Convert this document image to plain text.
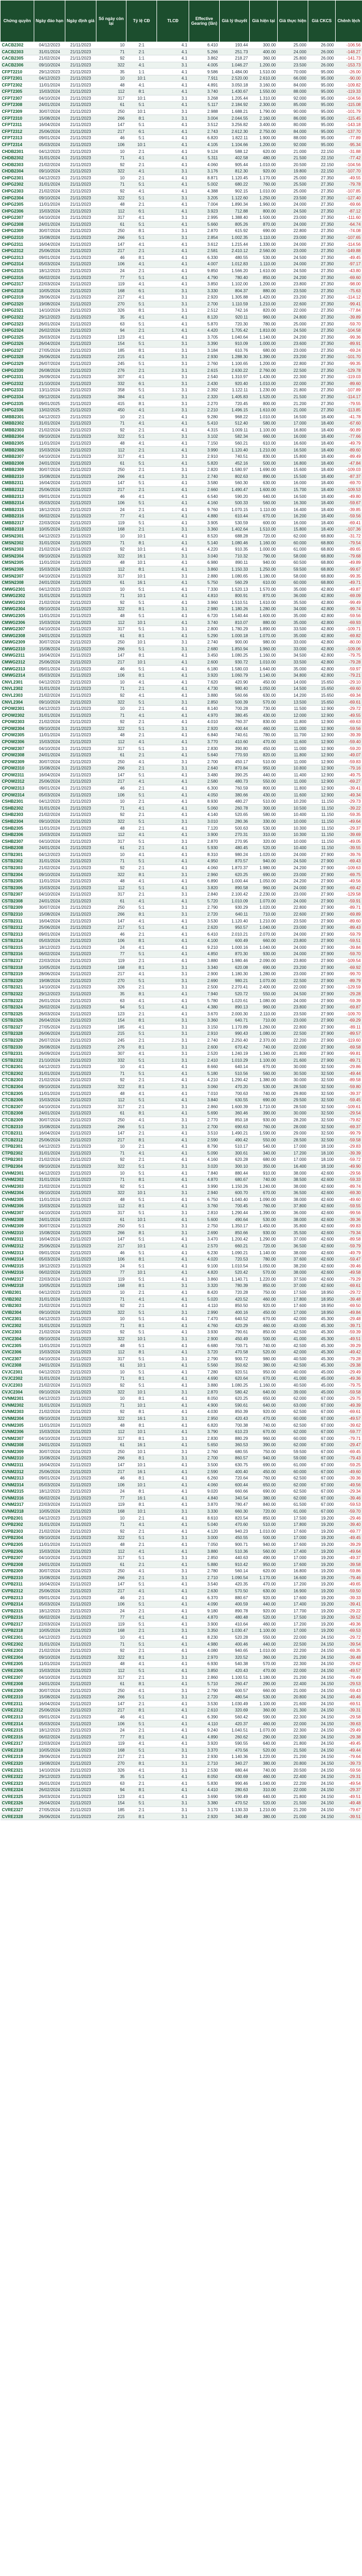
Chứng quyền	Ngày đáo hạn	Ngày định giá	Số ngày còn lại	Tỷ lệ CĐ	TLCĐ	Effective Gearing (lần)	Giá lý thuyết	Giá hiện tại	Giá thực hiện	Giá CKCS	Chênh lệch
CACB2302	04/12/2023	21/11/2023	10	2:1	4.1	6.410	193.44	300.00	25.000	26.000	-106.56
CACB2303	31/01/2024	21/11/2023	71	2:1	4.1	5.266	251.73	400.00	24.000	26.000	-148.27
CACB2305	21/02/2024	21/11/2023	92	1:1	4.1	3.862	218.27	360.00	25.800	26.000	-141.73
CACB2306	09/10/2024	21/11/2023	322	4:1	3.1	4.005	1.046.27	1.200.00	23.500	26.000	-153.73
CFPT2210	29/12/2023	21/11/2023	35	1:1	4.1	9.586	1.484.00	1.510.00	70.000	95.000	-26.00
CFPT2301	04/12/2023	21/11/2023	10	10:1	4.1	7.911	2.520.00	2.610.00	66.000	95.000	-90.00
CFPT2302	11/01/2024	21/11/2023	48	4:1	4.1	4.891	3.050.18	3.160.00	84.000	95.000	-109.82
CFPT2305	15/03/2024	21/11/2023	112	8:1	4.1	3.740	1.430.67	1.550.00	88.000	95.000	-119.33
CFPT2307	04/10/2024	21/11/2023	317	10:1	3.1	3.268	1.205.44	1.310.00	92.000	95.000	-104.56
CFPT2308	24/01/2024	21/11/2023	61	5:1	4.1	5.117	2.184.92	2.300.00	85.000	95.000	-115.08
CFPT2309	30/07/2024	21/11/2023	250	10:1	3.1	2.988	1.688.21	1.790.00	90.000	95.000	-101.79
CFPT2310	15/08/2024	21/11/2023	266	8:1	3.1	3.004	2.044.55	2.160.00	86.000	95.000	-115.45
CFPT2311	16/04/2024	21/11/2023	147	5:1	4.1	3.512	3.256.82	3.400.00	80.000	95.000	-143.18
CFPT2312	25/06/2024	21/11/2023	217	6:1	4.1	2.743	2.612.30	2.750.00	84.000	95.000	-137.70
CFPT2313	09/01/2024	21/11/2023	46	5:1	4.1	6.820	1.822.11	1.900.00	88.000	95.000	-77.89
CFPT2314	05/03/2024	21/11/2023	106	10:1	4.1	4.105	1.104.66	1.200.00	92.000	95.000	-95.34
CHDB2301	04/12/2023	21/11/2023	10	2:1	4.1	9.124	588.12	620.00	21.000	22.150	-31.88
CHDB2302	31/01/2024	21/11/2023	71	4:1	4.1	5.311	402.58	480.00	21.500	22.150	-77.42
CHDB2303	21/02/2024	21/11/2023	92	2:1	4.1	4.060	905.44	1.010.00	20.500	22.150	-104.56
CHDB2304	09/10/2024	21/11/2023	322	4:1	3.1	3.176	812.30	920.00	19.800	22.150	-107.70
CHPG2301	04/12/2023	21/11/2023	10	2:1	4.1	8.871	1.120.45	1.170.00	25.000	27.350	-49.55
CHPG2302	31/01/2024	21/11/2023	71	5:1	4.1	5.002	680.22	760.00	25.500	27.350	-79.78
CHPG2303	21/02/2024	21/11/2023	92	4:1	4.1	4.388	902.15	1.010.00	25.000	27.350	-107.85
CHPG2304	09/10/2024	21/11/2023	322	5:1	3.1	3.205	1.122.60	1.250.00	23.500	27.350	-127.40
CHPG2305	11/01/2024	21/11/2023	48	2:1	4.1	7.004	1.890.34	1.960.00	24.000	27.350	-69.66
CHPG2306	15/03/2024	21/11/2023	112	6:1	4.1	3.923	712.88	800.00	24.500	27.350	-87.12
CHPG2307	04/10/2024	21/11/2023	317	4:1	3.1	2.995	1.388.40	1.500.00	23.000	27.350	-111.60
CHPG2308	24/01/2024	21/11/2023	61	5:1	4.1	5.660	805.26	870.00	24.000	27.350	-64.74
CHPG2309	30/07/2024	21/11/2023	250	8:1	3.1	2.870	615.92	690.00	22.800	27.350	-74.08
CHPG2310	15/08/2024	21/11/2023	266	5:1	3.1	2.854	1.002.35	1.110.00	23.000	27.350	-107.65
CHPG2311	16/04/2024	21/11/2023	147	4:1	4.1	3.612	1.215.44	1.330.00	24.000	27.350	-114.56
CHPG2312	25/06/2024	21/11/2023	217	2:1	4.1	2.581	2.410.12	2.560.00	23.000	27.350	-149.88
CHPG2313	09/01/2024	21/11/2023	46	8:1	4.1	6.330	480.55	530.00	24.500	27.350	-49.45
CHPG2314	05/03/2024	21/11/2023	106	4:1	4.1	4.007	1.012.83	1.110.00	24.000	27.350	-97.17
CHPG2315	18/12/2023	21/11/2023	24	2:1	4.1	9.850	1.566.20	1.610.00	24.500	27.350	-43.80
CHPG2316	06/02/2024	21/11/2023	77	5:1	4.1	4.790	780.40	850.00	24.200	27.350	-69.60
CHPG2317	22/03/2024	21/11/2023	119	4:1	4.1	3.850	1.102.00	1.200.00	23.800	27.350	-98.00
CHPG2318	10/05/2024	21/11/2023	168	6:1	3.1	3.330	804.37	880.00	23.500	27.350	-75.63
CHPG2319	28/06/2024	21/11/2023	217	4:1	3.1	2.920	1.305.88	1.420.00	23.200	27.350	-114.12
CHPG2320	19/08/2024	21/11/2023	270	5:1	3.1	2.700	1.110.59	1.210.00	22.600	27.350	-99.41
CHPG2321	14/10/2024	21/11/2023	326	8:1	3.1	2.512	742.16	820.00	22.000	27.350	-77.84
CHPG2322	29/12/2023	21/11/2023	35	4:1	4.1	8.120	920.11	960.00	24.800	27.350	-39.89
CHPG2323	26/01/2024	21/11/2023	63	5:1	4.1	5.870	720.30	780.00	25.000	27.350	-59.70
CHPG2324	26/02/2024	21/11/2023	94	2:1	4.1	4.420	1.705.42	1.810.00	24.500	27.350	-104.58
CHPG2325	26/03/2024	21/11/2023	123	4:1	4.1	3.705	1.040.64	1.140.00	24.200	27.350	-99.36
CHPG2326	26/04/2024	21/11/2023	154	5:1	3.1	3.390	910.09	1.000.00	23.600	27.350	-89.91
CHPG2327	27/05/2024	21/11/2023	185	8:1	3.1	3.184	610.76	680.00	23.000	27.350	-69.24
CHPG2328	26/06/2024	21/11/2023	215	4:1	3.1	2.930	1.288.30	1.390.00	23.200	27.350	-101.70
CHPG2329	26/07/2024	21/11/2023	245	5:1	3.1	2.760	1.100.65	1.200.00	22.800	27.350	-99.35
CHPG2330	26/08/2024	21/11/2023	276	2:1	3.1	2.615	2.630.22	2.760.00	22.500	27.350	-129.78
CHPG2331	26/09/2024	21/11/2023	307	4:1	3.1	2.540	1.310.97	1.430.00	22.300	27.350	-119.03
CHPG2332	21/10/2024	21/11/2023	332	6:1	3.1	2.430	920.40	1.010.00	22.000	27.350	-89.60
CHPG2333	13/11/2024	21/11/2023	358	5:1	3.1	2.392	1.122.11	1.230.00	21.800	27.350	-107.89
CHPG2334	09/12/2024	21/11/2023	384	4:1	3.1	2.320	1.405.83	1.520.00	21.500	27.350	-114.17
CHPG2335	09/01/2025	21/11/2023	415	8:1	3.1	2.270	720.45	800.00	21.200	27.350	-79.55
CHPG2336	13/02/2025	21/11/2023	450	4:1	3.1	2.210	1.496.15	1.610.00	21.000	27.350	-113.85
CMBB2301	04/12/2023	21/11/2023	10	2:1	4.1	9.280	968.22	1.010.00	16.500	18.400	-41.78
CMBB2302	31/01/2024	21/11/2023	71	4:1	4.1	5.410	512.40	580.00	17.000	18.400	-67.60
CMBB2303	21/02/2024	21/11/2023	92	2:1	4.1	4.315	1.009.11	1.100.00	16.800	18.400	-90.89
CMBB2304	09/10/2024	21/11/2023	322	5:1	3.1	3.102	582.34	660.00	16.000	18.400	-77.66
CMBB2305	11/01/2024	21/11/2023	48	4:1	4.1	7.150	560.21	610.00	16.600	18.400	-49.79
CMBB2306	15/03/2024	21/11/2023	112	2:1	4.1	3.990	1.120.40	1.210.00	16.500	18.400	-89.60
CMBB2307	04/10/2024	21/11/2023	317	4:1	3.1	2.910	740.51	830.00	15.800	18.400	-89.49
CMBB2308	24/01/2024	21/11/2023	61	5:1	4.1	5.820	452.16	500.00	16.800	18.400	-47.84
CMBB2309	30/07/2024	21/11/2023	250	2:1	3.1	2.820	1.580.97	1.690.00	15.600	18.400	-109.03
CMBB2310	15/08/2024	21/11/2023	266	4:1	3.1	2.740	802.63	890.00	15.500	18.400	-87.37
CMBB2311	16/04/2024	21/11/2023	147	5:1	4.1	3.580	560.30	630.00	16.000	18.400	-69.70
CMBB2312	25/06/2024	21/11/2023	217	2:1	4.1	2.660	1.490.47	1.600.00	15.700	18.400	-109.53
CMBB2313	09/01/2024	21/11/2023	46	4:1	4.1	6.540	590.20	640.00	16.500	18.400	-49.80
CMBB2314	05/03/2024	21/11/2023	106	5:1	4.1	4.160	500.33	560.00	16.300	18.400	-59.67
CMBB2315	18/12/2023	21/11/2023	24	2:1	4.1	9.760	1.070.15	1.110.00	16.400	18.400	-39.85
CMBB2316	06/02/2024	21/11/2023	77	4:1	4.1	4.880	610.44	670.00	16.200	18.400	-59.56
CMBB2317	22/03/2024	21/11/2023	119	5:1	4.1	3.905	530.59	600.00	16.000	18.400	-69.41
CMBB2318	10/05/2024	21/11/2023	168	2:1	3.1	3.360	1.402.64	1.510.00	15.800	18.400	-107.36
CMSN2301	04/12/2023	21/11/2023	10	10:1	4.1	8.520	688.28	720.00	62.000	68.800	-31.72
CMSN2302	31/01/2024	21/11/2023	71	8:1	4.1	5.140	1.080.46	1.160.00	60.000	68.800	-79.54
CMSN2303	21/02/2024	21/11/2023	92	10:1	4.1	4.220	910.35	1.000.00	61.000	68.800	-89.65
CMSN2304	09/10/2024	21/11/2023	322	16:1	3.1	3.040	710.32	790.00	58.000	68.800	-79.68
CMSN2305	11/01/2024	21/11/2023	48	10:1	4.1	6.980	890.11	940.00	60.500	68.800	-49.89
CMSN2306	15/03/2024	21/11/2023	112	8:1	4.1	3.860	1.150.33	1.250.00	59.500	68.800	-99.67
CMSN2307	04/10/2024	21/11/2023	317	10:1	3.1	2.880	1.080.65	1.180.00	58.000	68.800	-99.35
CMSN2308	24/01/2024	21/11/2023	61	16:1	4.1	5.750	560.29	610.00	60.000	68.800	-49.71
CMWG2301	04/12/2023	21/11/2023	10	5:1	4.1	7.330	1.520.13	1.570.00	35.000	42.800	-49.87
CMWG2302	31/01/2024	21/11/2023	71	10:1	4.1	4.810	800.91	870.00	36.000	42.800	-69.09
CMWG2303	21/02/2024	21/11/2023	92	5:1	4.1	3.960	1.510.51	1.610.00	35.500	42.800	-99.49
CMWG2304	09/10/2024	21/11/2023	322	8:1	3.1	2.980	1.180.26	1.280.00	34.000	42.800	-99.74
CMWG2305	11/01/2024	21/11/2023	48	5:1	4.1	6.720	1.540.44	1.600.00	35.000	42.800	-59.56
CMWG2306	15/03/2024	21/11/2023	112	10:1	4.1	3.740	810.07	880.00	35.000	42.800	-69.93
CMWG2307	04/10/2024	21/11/2023	317	5:1	3.1	2.800	1.780.29	1.890.00	33.500	42.800	-109.71
CMWG2308	24/01/2024	21/11/2023	61	8:1	4.1	5.290	1.000.18	1.070.00	35.000	42.800	-69.82
CMWG2309	30/07/2024	21/11/2023	250	10:1	3.1	2.740	900.00	980.00	33.000	42.800	-80.00
CMWG2310	15/08/2024	21/11/2023	266	5:1	3.1	2.680	1.850.94	1.960.00	33.000	42.800	-109.06
CMWG2311	16/04/2024	21/11/2023	147	8:1	4.1	3.450	1.080.25	1.160.00	34.500	42.800	-79.75
CMWG2312	25/06/2024	21/11/2023	217	10:1	4.1	2.600	930.72	1.010.00	33.500	42.800	-79.28
CMWG2313	09/01/2024	21/11/2023	46	5:1	4.1	6.180	1.580.03	1.640.00	35.000	42.800	-59.97
CMWG2314	05/03/2024	21/11/2023	106	8:1	4.1	3.920	1.060.79	1.140.00	34.800	42.800	-79.21
CNVL2301	04/12/2023	21/11/2023	10	4:1	4.1	7.620	420.90	450.00	14.000	15.650	-29.10
CNVL2302	31/01/2024	21/11/2023	71	2:1	4.1	4.730	980.40	1.050.00	14.500	15.650	-69.60
CNVL2303	21/02/2024	21/11/2023	92	4:1	4.1	3.880	560.66	630.00	14.200	15.650	-69.34
CNVL2304	09/10/2024	21/11/2023	322	5:1	3.1	2.850	500.39	570.00	13.500	15.650	-69.61
CPOW2301	04/12/2023	21/11/2023	10	2:1	4.1	8.140	700.28	730.00	11.500	12.900	-29.72
CPOW2302	31/01/2024	21/11/2023	71	4:1	4.1	4.970	380.45	430.00	12.000	12.900	-49.55
CPOW2303	21/02/2024	21/11/2023	92	2:1	4.1	4.010	760.37	830.00	11.800	12.900	-69.63
CPOW2304	09/10/2024	21/11/2023	322	5:1	3.1	2.920	400.44	460.00	11.000	12.900	-59.56
CPOW2305	11/01/2024	21/11/2023	48	2:1	4.1	6.840	740.61	780.00	11.700	12.900	-39.39
CPOW2306	15/03/2024	21/11/2023	112	4:1	4.1	3.770	410.60	470.00	11.600	12.900	-59.40
CPOW2307	04/10/2024	21/11/2023	317	5:1	3.1	2.830	390.80	450.00	11.000	12.900	-59.20
CPOW2308	24/01/2024	21/11/2023	61	2:1	4.1	5.640	770.93	820.00	11.800	12.900	-49.07
CPOW2309	30/07/2024	21/11/2023	250	4:1	3.1	2.700	450.17	510.00	11.000	12.900	-59.83
CPOW2310	15/08/2024	21/11/2023	266	2:1	3.1	2.640	870.84	950.00	10.800	12.900	-79.16
CPOW2311	16/04/2024	21/11/2023	147	5:1	4.1	3.480	390.25	440.00	11.400	12.900	-49.75
CPOW2312	25/06/2024	21/11/2023	217	4:1	4.1	2.580	480.73	550.00	11.000	12.900	-69.27
CPOW2313	09/01/2024	21/11/2023	46	2:1	4.1	6.300	760.59	800.00	11.800	12.900	-39.41
CPOW2314	05/03/2024	21/11/2023	106	5:1	4.1	4.050	380.66	430.00	11.600	12.900	-49.34
CSHB2301	04/12/2023	21/11/2023	10	2:1	4.1	8.930	480.27	510.00	10.200	11.150	-29.73
CSHB2302	31/01/2024	21/11/2023	71	4:1	4.1	5.060	260.78	300.00	10.500	11.150	-39.22
CSHB2303	21/02/2024	21/11/2023	92	2:1	4.1	4.140	520.65	580.00	10.400	11.150	-59.35
CSHB2304	09/10/2024	21/11/2023	322	5:1	3.1	3.010	280.36	330.00	10.000	11.150	-49.64
CSHB2305	11/01/2024	21/11/2023	48	2:1	4.1	7.120	500.63	530.00	10.300	11.150	-29.37
CSHB2306	15/03/2024	21/11/2023	112	4:1	4.1	3.900	270.31	310.00	10.300	11.150	-39.69
CSHB2307	04/10/2024	21/11/2023	317	5:1	3.1	2.870	270.95	320.00	10.000	11.150	-49.05
CSHB2308	24/01/2024	21/11/2023	61	2:1	4.1	5.930	480.45	520.00	10.400	11.150	-39.55
CSTB2301	04/12/2023	21/11/2023	10	4:1	4.1	8.310	980.24	1.020.00	24.000	27.900	-39.76
CSTB2302	31/01/2024	21/11/2023	71	5:1	4.1	4.950	870.57	940.00	24.500	27.900	-69.43
CSTB2303	21/02/2024	21/11/2023	92	2:1	4.1	4.060	1.870.37	1.980.00	24.200	27.900	-109.63
CSTB2304	09/10/2024	21/11/2023	322	8:1	3.1	2.960	620.25	690.00	23.000	27.900	-69.75
CSTB2305	11/01/2024	21/11/2023	48	4:1	4.1	6.890	1.000.44	1.050.00	24.200	27.900	-49.56
CSTB2306	15/03/2024	21/11/2023	112	5:1	4.1	3.820	890.58	960.00	24.000	27.900	-69.42
CSTB2307	04/10/2024	21/11/2023	317	2:1	3.1	2.840	2.100.42	2.230.00	23.000	27.900	-129.58
CSTB2308	24/01/2024	21/11/2023	61	4:1	4.1	5.720	1.010.09	1.070.00	24.000	27.900	-59.91
CSTB2309	30/07/2024	21/11/2023	250	5:1	3.1	2.790	930.29	1.020.00	22.800	27.900	-89.71
CSTB2310	15/08/2024	21/11/2023	266	8:1	3.1	2.720	640.11	710.00	22.600	27.900	-69.89
CSTB2311	16/04/2024	21/11/2023	147	4:1	4.1	3.530	1.120.40	1.210.00	23.500	27.900	-89.60
CSTB2312	25/06/2024	21/11/2023	217	5:1	4.1	2.620	950.57	1.040.00	23.000	27.900	-89.43
CSTB2313	09/01/2024	21/11/2023	46	2:1	4.1	6.410	2.010.21	2.070.00	24.000	27.900	-59.79
CSTB2314	05/03/2024	21/11/2023	106	8:1	4.1	4.100	600.49	660.00	23.800	27.900	-59.51
CSTB2315	18/12/2023	21/11/2023	24	4:1	4.1	9.210	1.000.16	1.040.00	24.000	27.900	-39.84
CSTB2316	06/02/2024	21/11/2023	77	5:1	4.1	4.850	870.30	930.00	24.000	27.900	-59.70
CSTB2317	22/03/2024	21/11/2023	119	2:1	4.1	3.880	1.980.46	2.090.00	23.800	27.900	-109.54
CSTB2318	10/05/2024	21/11/2023	168	8:1	3.1	3.340	620.08	690.00	23.200	27.900	-69.92
CSTB2319	28/06/2024	21/11/2023	217	4:1	3.1	2.900	1.180.30	1.280.00	23.000	27.900	-99.70
CSTB2320	19/08/2024	21/11/2023	270	5:1	3.1	2.690	980.21	1.070.00	22.500	27.900	-89.79
CSTB2321	14/10/2024	21/11/2023	326	2:1	3.1	2.500	2.270.41	2.400.00	22.000	27.900	-129.59
CSTB2322	29/12/2023	21/11/2023	35	8:1	4.1	7.940	520.72	550.00	24.500	27.900	-29.28
CSTB2323	26/01/2024	21/11/2023	63	4:1	4.1	5.780	1.020.61	1.080.00	24.000	27.900	-59.39
CSTB2324	26/02/2024	21/11/2023	94	5:1	4.1	4.380	890.13	960.00	23.800	27.900	-69.87
CSTB2325	26/03/2024	21/11/2023	123	2:1	4.1	3.670	2.000.30	2.110.00	23.500	27.900	-109.70
CSTB2326	26/04/2024	21/11/2023	154	8:1	3.1	3.360	640.71	710.00	23.000	27.900	-69.29
CSTB2327	27/05/2024	21/11/2023	185	4:1	3.1	3.150	1.170.89	1.260.00	22.800	27.900	-89.11
CSTB2328	26/06/2024	21/11/2023	215	5:1	3.1	2.910	990.43	1.080.00	22.500	27.900	-89.57
CSTB2329	26/07/2024	21/11/2023	245	2:1	3.1	2.740	2.250.40	2.370.00	22.200	27.900	-119.60
CSTB2330	26/08/2024	21/11/2023	276	8:1	3.1	2.600	670.42	740.00	22.000	27.900	-69.58
CSTB2331	26/09/2024	21/11/2023	307	4:1	3.1	2.520	1.240.19	1.340.00	21.800	27.900	-99.81
CSTB2332	21/10/2024	21/11/2023	332	5:1	3.1	2.410	1.010.29	1.100.00	21.600	27.900	-89.71
CTCB2301	04/12/2023	21/11/2023	10	4:1	4.1	8.660	640.14	670.00	30.000	32.500	-29.86
CTCB2302	31/01/2024	21/11/2023	71	5:1	4.1	5.180	510.56	560.00	30.500	32.500	-49.44
CTCB2303	21/02/2024	21/11/2023	92	2:1	4.1	4.210	1.290.42	1.380.00	30.000	32.500	-89.58
CTCB2304	09/10/2024	21/11/2023	322	8:1	3.1	3.060	470.20	530.00	28.500	32.500	-59.80
CTCB2305	11/01/2024	21/11/2023	48	4:1	4.1	7.010	700.63	740.00	29.800	32.500	-39.37
CTCB2306	15/03/2024	21/11/2023	112	5:1	4.1	3.840	630.55	690.00	29.500	32.500	-59.45
CTCB2307	04/10/2024	21/11/2023	317	2:1	3.1	2.860	1.600.39	1.710.00	28.500	32.500	-109.61
CTCB2308	24/01/2024	21/11/2023	61	8:1	4.1	5.690	360.46	390.00	30.000	32.500	-29.54
CTCB2309	30/07/2024	21/11/2023	250	4:1	3.1	2.770	850.18	930.00	28.200	32.500	-79.82
CTCB2310	15/08/2024	21/11/2023	266	5:1	3.1	2.700	690.63	760.00	28.000	32.500	-69.37
CTCB2311	16/04/2024	21/11/2023	147	2:1	4.1	3.510	1.490.21	1.590.00	29.000	32.500	-99.79
CTCB2312	25/06/2024	21/11/2023	217	8:1	4.1	2.590	490.42	550.00	28.500	32.500	-59.58
CTPB2301	04/12/2023	21/11/2023	10	2:1	4.1	8.790	510.17	540.00	17.000	18.100	-29.83
CTPB2302	31/01/2024	21/11/2023	71	4:1	4.1	5.090	300.61	340.00	17.200	18.100	-39.39
CTPB2303	21/02/2024	21/11/2023	92	2:1	4.1	4.160	620.28	680.00	17.000	18.100	-59.72
CTPB2304	09/10/2024	21/11/2023	322	5:1	3.1	3.020	300.10	350.00	16.400	18.100	-49.90
CVHM2301	04/12/2023	21/11/2023	10	5:1	4.1	7.840	880.44	910.00	38.000	42.600	-29.56
CVHM2302	31/01/2024	21/11/2023	71	8:1	4.1	4.870	680.67	740.00	38.500	42.600	-59.33
CVHM2303	21/02/2024	21/11/2023	92	5:1	4.1	3.990	1.150.26	1.240.00	38.000	42.600	-89.74
CVHM2304	09/10/2024	21/11/2023	322	10:1	3.1	2.940	600.70	670.00	36.500	42.600	-69.30
CVHM2305	11/01/2024	21/11/2023	48	5:1	4.1	6.750	1.040.40	1.090.00	38.000	42.600	-49.60
CVHM2306	15/03/2024	21/11/2023	112	8:1	4.1	3.760	700.45	760.00	37.800	42.600	-59.55
CVHM2307	04/10/2024	21/11/2023	317	5:1	3.1	2.810	1.290.44	1.390.00	36.000	42.600	-99.56
CVHM2308	24/01/2024	21/11/2023	61	10:1	4.1	5.600	490.64	530.00	38.000	42.600	-39.36
CVHM2309	30/07/2024	21/11/2023	250	5:1	3.1	2.750	1.350.17	1.450.00	35.800	42.600	-99.83
CVHM2310	15/08/2024	21/11/2023	266	8:1	3.1	2.690	850.66	930.00	35.500	42.600	-79.34
CVHM2311	16/04/2024	21/11/2023	147	5:1	4.1	3.470	1.200.42	1.290.00	37.000	42.600	-89.58
CVHM2312	25/06/2024	21/11/2023	217	10:1	4.1	2.570	660.21	720.00	36.500	42.600	-59.79
CVHM2313	09/01/2024	21/11/2023	46	5:1	4.1	6.230	1.090.21	1.140.00	38.000	42.600	-49.79
CVHM2314	05/03/2024	21/11/2023	106	8:1	4.1	4.020	720.53	780.00	37.600	42.600	-59.47
CVHM2315	18/12/2023	21/11/2023	24	5:1	4.1	9.100	1.010.54	1.050.00	38.200	42.600	-39.46
CVHM2316	06/02/2024	21/11/2023	77	10:1	4.1	4.820	520.42	570.00	38.000	42.600	-49.58
CVHM2317	22/03/2024	21/11/2023	119	5:1	4.1	3.860	1.140.71	1.220.00	37.500	42.600	-79.29
CVHM2318	10/05/2024	21/11/2023	168	8:1	3.1	3.320	780.39	850.00	37.000	42.600	-69.61
CVIB2301	04/12/2023	21/11/2023	10	2:1	4.1	8.420	720.28	750.00	17.500	18.950	-29.72
CVIB2302	31/01/2024	21/11/2023	71	4:1	4.1	5.020	420.52	460.00	17.800	18.950	-39.48
CVIB2303	21/02/2024	21/11/2023	92	2:1	4.1	4.110	850.50	920.00	17.600	18.950	-69.50
CVIB2304	09/10/2024	21/11/2023	322	5:1	3.1	2.990	400.16	450.00	17.000	18.950	-49.84
CVIC2301	04/12/2023	21/11/2023	10	5:1	4.1	7.470	640.52	670.00	42.000	45.300	-29.48
CVIC2302	31/01/2024	21/11/2023	71	8:1	4.1	4.760	420.29	460.00	43.000	45.300	-39.71
CVIC2303	21/02/2024	21/11/2023	92	5:1	4.1	3.930	790.61	850.00	42.500	45.300	-59.39
CVIC2304	09/10/2024	21/11/2023	322	10:1	3.1	2.900	450.49	500.00	41.000	45.300	-49.51
CVIC2305	11/01/2024	21/11/2023	48	5:1	4.1	6.680	700.71	740.00	42.500	45.300	-39.29
CVIC2306	15/03/2024	21/11/2023	112	8:1	4.1	3.720	470.58	520.00	42.000	45.300	-49.42
CVIC2307	04/10/2024	21/11/2023	317	5:1	3.1	2.790	900.72	980.00	40.500	45.300	-79.28
CVIC2308	24/01/2024	21/11/2023	61	10:1	4.1	5.560	350.62	380.00	42.500	45.300	-29.38
CVJC2301	04/12/2023	21/11/2023	10	5:1	4.1	7.280	920.51	950.00	40.000	45.000	-29.49
CVJC2302	31/01/2024	21/11/2023	71	8:1	4.1	4.690	620.64	670.00	41.000	45.000	-49.36
CVJC2303	21/02/2024	21/11/2023	92	5:1	4.1	3.880	1.080.25	1.160.00	40.500	45.000	-79.75
CVJC2304	09/10/2024	21/11/2023	322	10:1	3.1	2.870	580.42	640.00	39.000	45.000	-59.58
CVNM2301	04/12/2023	21/11/2023	10	8:1	4.1	8.050	620.25	650.00	62.000	67.000	-29.75
CVNM2302	31/01/2024	21/11/2023	71	10:1	4.1	4.900	590.61	640.00	63.000	67.000	-49.39
CVNM2303	21/02/2024	21/11/2023	92	8:1	4.1	4.030	850.39	920.00	62.500	67.000	-69.61
CVNM2304	09/10/2024	21/11/2023	322	16:1	3.1	2.950	420.43	470.00	60.000	67.000	-49.57
CVNM2305	11/01/2024	21/11/2023	48	8:1	4.1	6.820	700.38	740.00	62.500	67.000	-39.62
CVNM2306	15/03/2024	21/11/2023	112	10:1	4.1	3.790	610.23	670.00	62.000	67.000	-59.77
CVNM2307	04/10/2024	21/11/2023	317	8:1	3.1	2.830	880.29	960.00	60.000	67.000	-79.71
CVNM2308	24/01/2024	21/11/2023	61	16:1	4.1	5.650	360.53	390.00	62.000	67.000	-29.47
CVNM2309	30/07/2024	21/11/2023	250	10:1	3.1	2.760	680.55	750.00	59.500	67.000	-69.45
CVNM2310	15/08/2024	21/11/2023	266	8:1	3.1	2.700	860.57	940.00	59.000	67.000	-79.43
CVNM2311	16/04/2024	21/11/2023	147	10:1	4.1	3.500	630.75	690.00	61.000	67.000	-59.25
CVNM2312	25/06/2024	21/11/2023	217	16:1	4.1	2.590	400.40	450.00	60.000	67.000	-49.60
CVNM2313	09/01/2024	21/11/2023	46	8:1	4.1	6.260	720.64	760.00	62.500	67.000	-39.36
CVNM2314	05/03/2024	21/11/2023	106	10:1	4.1	4.060	600.44	650.00	62.000	67.000	-49.56
CVNM2315	18/12/2023	21/11/2023	24	8:1	4.1	9.020	660.66	690.00	62.500	67.000	-29.34
CVNM2316	06/02/2024	21/11/2023	77	16:1	4.1	4.840	340.54	380.00	62.000	67.000	-39.46
CVNM2317	22/03/2024	21/11/2023	119	8:1	4.1	3.870	780.47	840.00	61.500	67.000	-59.53
CVNM2318	10/05/2024	21/11/2023	168	10:1	3.1	3.330	660.30	720.00	61.000	67.000	-59.70
CVPB2301	04/12/2023	21/11/2023	10	2:1	4.1	8.610	820.54	850.00	17.500	19.200	-29.46
CVPB2302	31/01/2024	21/11/2023	71	4:1	4.1	5.040	470.60	510.00	17.800	19.200	-39.40
CVPB2303	21/02/2024	21/11/2023	92	2:1	4.1	4.120	940.23	1.010.00	17.600	19.200	-69.77
CVPB2304	09/10/2024	21/11/2023	322	5:1	3.1	3.000	450.55	500.00	17.000	19.200	-49.45
CVPB2305	11/01/2024	21/11/2023	48	2:1	4.1	7.050	900.71	940.00	17.600	19.200	-39.29
CVPB2306	15/03/2024	21/11/2023	112	4:1	4.1	3.880	510.36	560.00	17.400	19.200	-49.64
CVPB2307	04/10/2024	21/11/2023	317	5:1	3.1	2.850	440.63	490.00	17.000	19.200	-49.37
CVPB2308	24/01/2024	21/11/2023	61	2:1	4.1	5.880	910.42	950.00	17.600	19.200	-39.58
CVPB2309	30/07/2024	21/11/2023	250	4:1	3.1	2.780	560.14	620.00	16.800	19.200	-59.86
CVPB2310	15/08/2024	21/11/2023	266	2:1	3.1	2.710	1.090.54	1.170.00	16.600	19.200	-79.46
CVPB2311	16/04/2024	21/11/2023	147	5:1	4.1	3.540	420.35	470.00	17.200	19.200	-49.65
CVPB2312	25/06/2024	21/11/2023	217	4:1	4.1	2.630	570.50	630.00	16.900	19.200	-59.50
CVPB2313	09/01/2024	21/11/2023	46	2:1	4.1	6.370	880.67	920.00	17.600	19.200	-39.33
CVPB2314	05/03/2024	21/11/2023	106	5:1	4.1	4.090	400.59	440.00	17.400	19.200	-39.41
CVPB2315	18/12/2023	21/11/2023	24	2:1	4.1	9.180	890.78	920.00	17.700	19.200	-29.22
CVPB2316	06/02/2024	21/11/2023	77	4:1	4.1	4.870	480.48	520.00	17.500	19.200	-39.52
CVPB2317	22/03/2024	21/11/2023	119	5:1	4.1	3.900	410.64	460.00	17.200	19.200	-49.36
CVPB2318	10/05/2024	21/11/2023	168	2:1	3.1	3.350	1.030.47	1.100.00	17.000	19.200	-69.53
CVRE2301	04/12/2023	21/11/2023	10	4:1	4.1	8.230	520.28	550.00	22.000	24.150	-29.72
CVRE2302	31/01/2024	21/11/2023	71	5:1	4.1	4.980	400.46	440.00	22.500	24.150	-39.54
CVRE2303	21/02/2024	21/11/2023	92	2:1	4.1	4.080	940.65	1.010.00	22.200	24.150	-69.35
CVRE2304	09/10/2024	21/11/2023	322	8:1	3.1	2.970	320.52	360.00	21.200	24.150	-39.48
CVRE2305	11/01/2024	21/11/2023	48	4:1	4.1	6.930	540.38	570.00	22.300	24.150	-29.62
CVRE2306	15/03/2024	21/11/2023	112	5:1	4.1	3.850	420.43	470.00	22.000	24.150	-49.57
CVRE2307	04/10/2024	21/11/2023	317	2:1	3.1	2.860	1.100.51	1.180.00	21.200	24.150	-79.49
CVRE2308	24/01/2024	21/11/2023	61	8:1	4.1	5.710	260.47	290.00	22.400	24.150	-29.53
CVRE2309	30/07/2024	21/11/2023	250	4:1	3.1	2.790	600.57	660.00	21.000	24.150	-59.43
CVRE2310	15/08/2024	21/11/2023	266	5:1	3.1	2.720	480.54	530.00	20.800	24.150	-49.46
CVRE2311	16/04/2024	21/11/2023	147	2:1	4.1	3.530	1.030.49	1.100.00	21.600	24.150	-69.51
CVRE2312	25/06/2024	21/11/2023	217	8:1	4.1	2.610	320.69	360.00	21.300	24.150	-39.31
CVRE2313	09/01/2024	21/11/2023	46	4:1	4.1	6.390	560.42	590.00	22.300	24.150	-29.58
CVRE2314	05/03/2024	21/11/2023	106	5:1	4.1	4.110	420.37	460.00	22.000	24.150	-39.63
CVRE2315	18/12/2023	21/11/2023	24	2:1	4.1	9.240	1.040.51	1.070.00	22.300	24.150	-29.49
CVRE2316	06/02/2024	21/11/2023	77	8:1	4.1	4.890	260.62	290.00	22.300	24.150	-29.38
CVRE2317	22/03/2024	21/11/2023	119	4:1	4.1	3.920	590.55	640.00	21.800	24.150	-49.45
CVRE2318	10/05/2024	21/11/2023	168	5:1	3.1	3.370	470.56	520.00	21.500	24.150	-49.44
CVRE2319	28/06/2024	21/11/2023	217	2:1	3.1	2.930	1.140.36	1.220.00	21.200	24.150	-79.64
CVRE2320	19/08/2024	21/11/2023	270	8:1	3.1	2.710	340.27	380.00	20.800	24.150	-39.73
CVRE2321	14/10/2024	21/11/2023	326	4:1	3.1	2.530	680.44	740.00	20.500	24.150	-59.56
CVRE2322	29/12/2023	21/11/2023	35	5:1	4.1	8.050	430.69	460.00	22.400	24.150	-29.31
CVRE2323	26/01/2024	21/11/2023	63	2:1	4.1	5.830	990.46	1.040.00	22.200	24.150	-49.54
CVRE2324	26/02/2024	21/11/2023	94	8:1	4.1	4.410	280.63	310.00	22.000	24.150	-29.37
CVRE2325	26/03/2024	21/11/2023	123	4:1	4.1	3.690	590.49	640.00	21.800	24.150	-49.51
CVRE2326	26/04/2024	21/11/2023	154	5:1	3.1	3.380	470.52	520.00	21.500	24.150	-49.48
CVRE2327	27/05/2024	21/11/2023	185	2:1	3.1	3.170	1.130.33	1.210.00	21.200	24.150	-79.67
CVRE2328	26/06/2024	21/11/2023	215	8:1	3.1	2.920	340.49	380.00	21.000	24.150	-39.51
